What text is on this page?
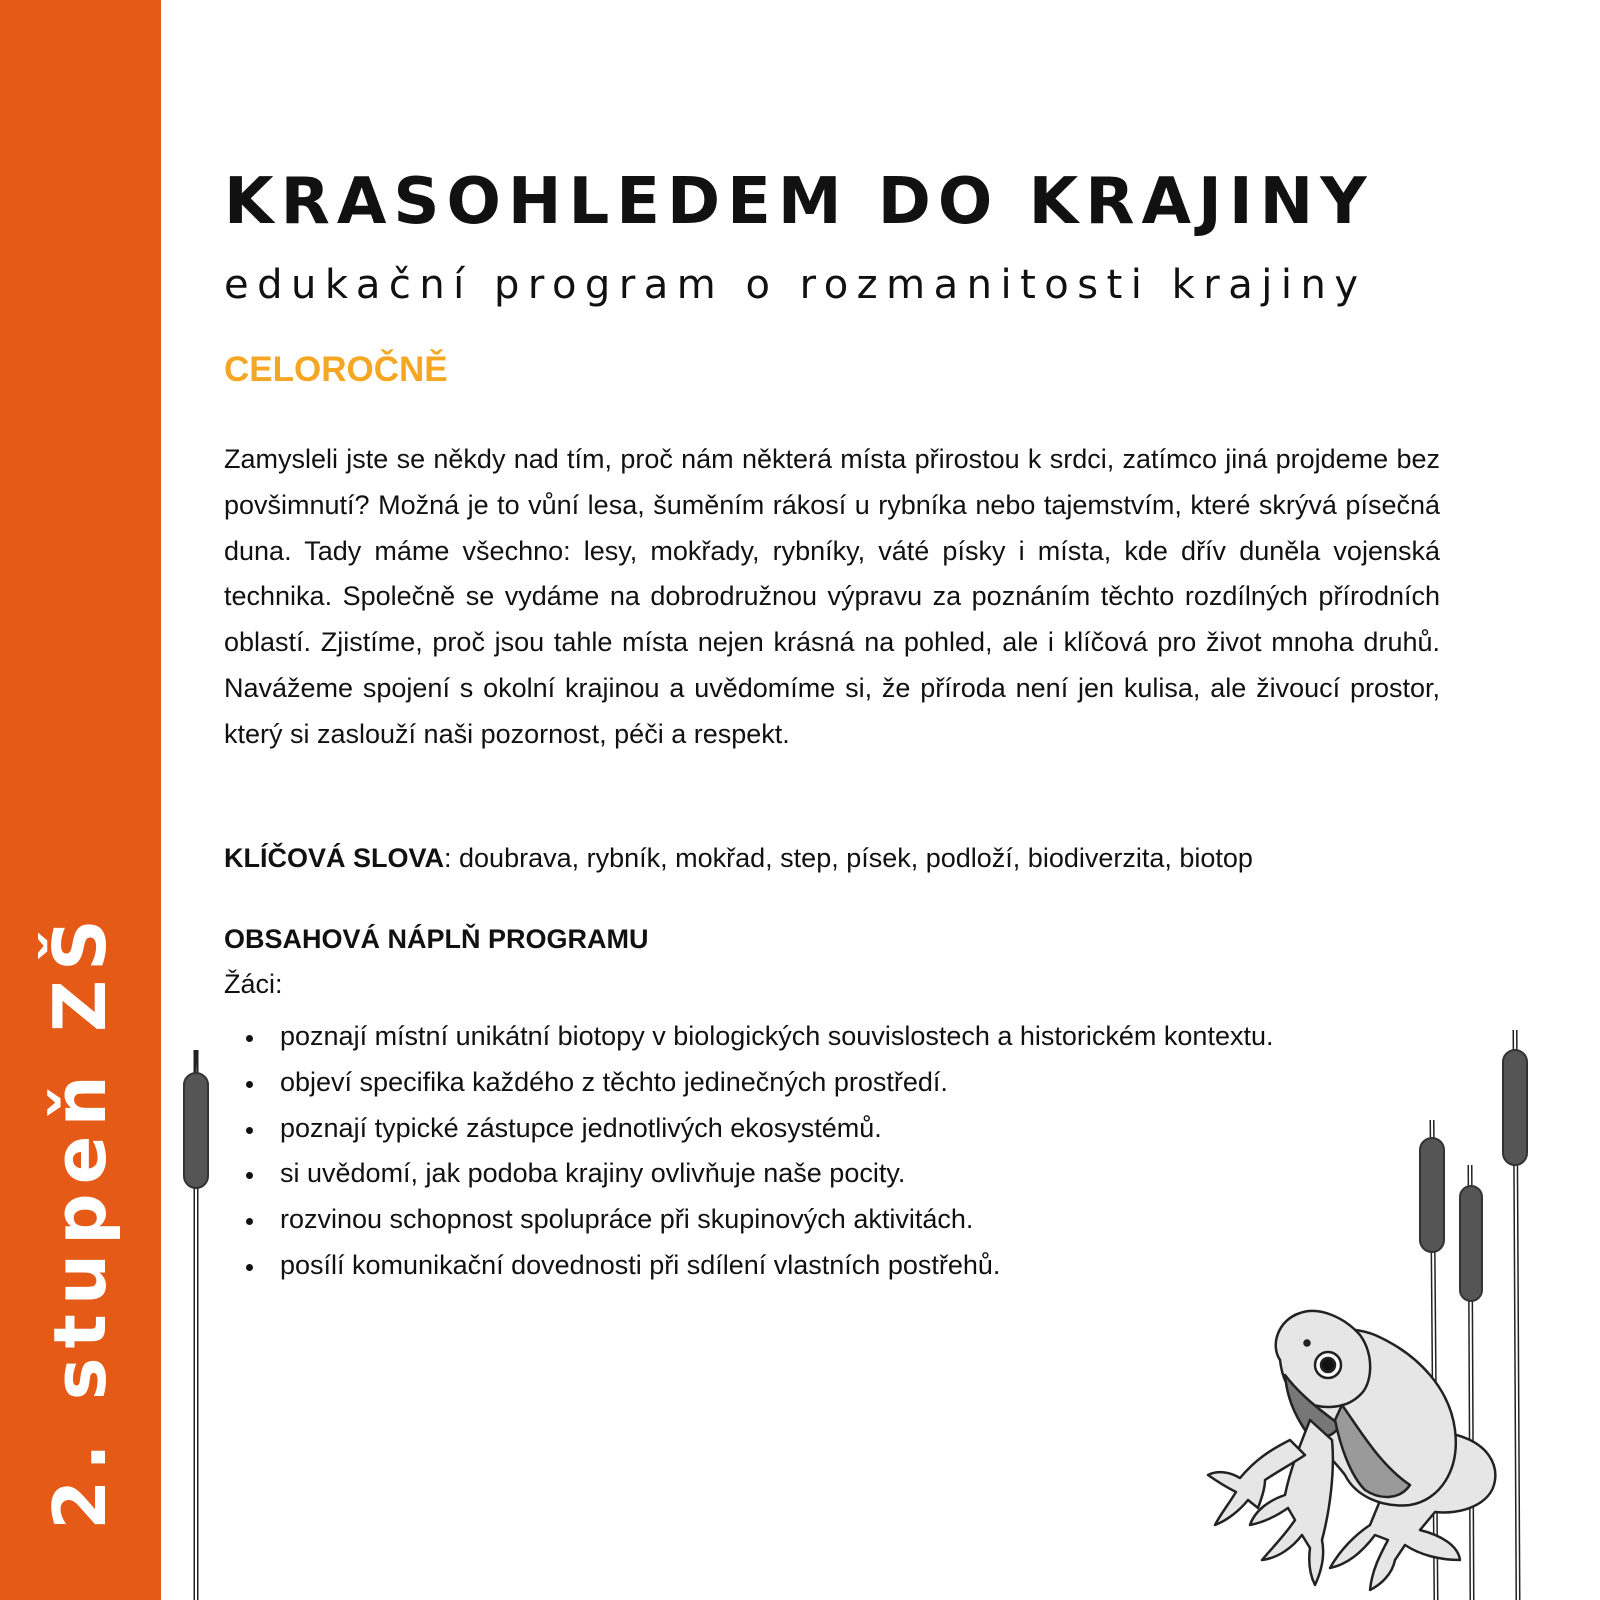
2. stupeň ZŠ
KRASOHLEDEM DO KRAJINY
edukační program o rozmanitosti krajiny
CELOROČNĚ

Zamysleli jste se někdy nad tím, proč nám některá místa přirostou k srdci, zatímco jiná projdeme bez povšimnutí? Možná je to vůní lesa, šuměním rákosí u rybníka nebo tajemstvím, které skrývá písečná duna. Tady máme všechno: lesy, mokřady, rybníky, váté písky i místa, kde dřív duněla vojenská technika. Společně se vydáme na dobrodružnou výpravu za poznáním těchto rozdílných přírodních oblastí. Zjistíme, proč jsou tahle místa nejen krásná na pohled, ale i klíčová pro život mnoha druhů. Navážeme spojení s okolní krajinou a uvědomíme si, že příroda není jen kulisa, ale živoucí prostor, který si zaslouží naši pozornost, péči a respekt.

KLÍČOVÁ SLOVA: doubrava, rybník, mokřad, step, písek, podloží, biodiverzita, biotop

OBSAHOVÁ NÁPLŇ PROGRAMU
Žáci:
poznají místní unikátní biotopy v biologických souvislostech a historickém kontextu.
objeví specifika každého z těchto jedinečných prostředí.
poznají typické zástupce jednotlivých ekosystémů.
si uvědomí, jak podoba krajiny ovlivňuje naše pocity.
rozvinou schopnost spolupráce při skupinových aktivitách.
posílí komunikační dovednosti při sdílení vlastních postřehů.
